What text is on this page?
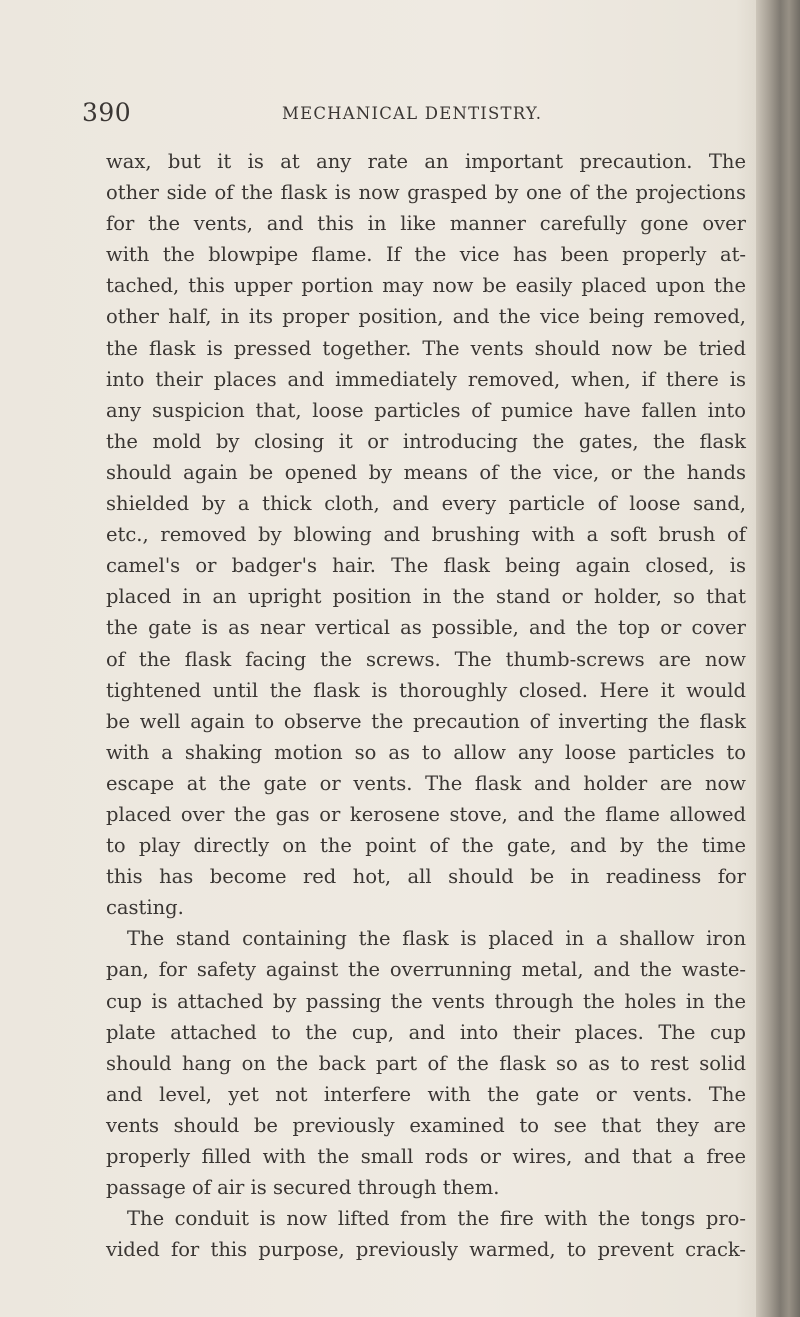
390	MECHANICAL DENTISTRY.
wax, but it is at any rate an important precaution. The
other side of the flask is now grasped by one of the projections
for the vents, and this in like manner carefully gone over
with the blowpipe flame. If the vice has been properly at-
tached, this upper portion may now be easily placed upon the
other half, in its proper position, and the vice being removed,
the flask is pressed together. The vents should now be tried
into their places and immediately removed, when, if there is
any suspicion that, loose particles of pumice have fallen into
the mold by closing it or introducing the gates, the flask
should again be opened by means of the vice, or the hands
shielded by a thick cloth, and every particle of loose sand,
etc., removed by blowing and brushing with a soft brush of
camel's or badger's hair. The flask being again closed, is
placed in an upright position in the stand or holder, so that
the gate is as near vertical as possible, and the top or cover
of the flask facing the screws. The thumb-screws are now
tightened until the flask is thoroughly closed. Here it would
be well again to observe the precaution of inverting the flask
with a shaking motion so as to allow any loose particles to
escape at the gate or vents. The flask and holder are now
placed over the gas or kerosene stove, and the flame allowed
to play directly on the point of the gate, and by the time
this has become red hot, all should be in readiness for
casting.
The stand containing the flask is placed in a shallow iron
pan, for safety against the overrunning metal, and the waste-
cup is attached by passing the vents through the holes in the
plate attached to the cup, and into their places. The cup
should hang on the back part of the flask so as to rest solid
and level, yet not interfere with the gate or vents. The
vents should be previously examined to see that they are
properly filled with the small rods or wires, and that a free
passage of air is secured through them.
The conduit is now lifted from the fire with the tongs pro-
vided for this purpose, previously warmed, to prevent crack-
